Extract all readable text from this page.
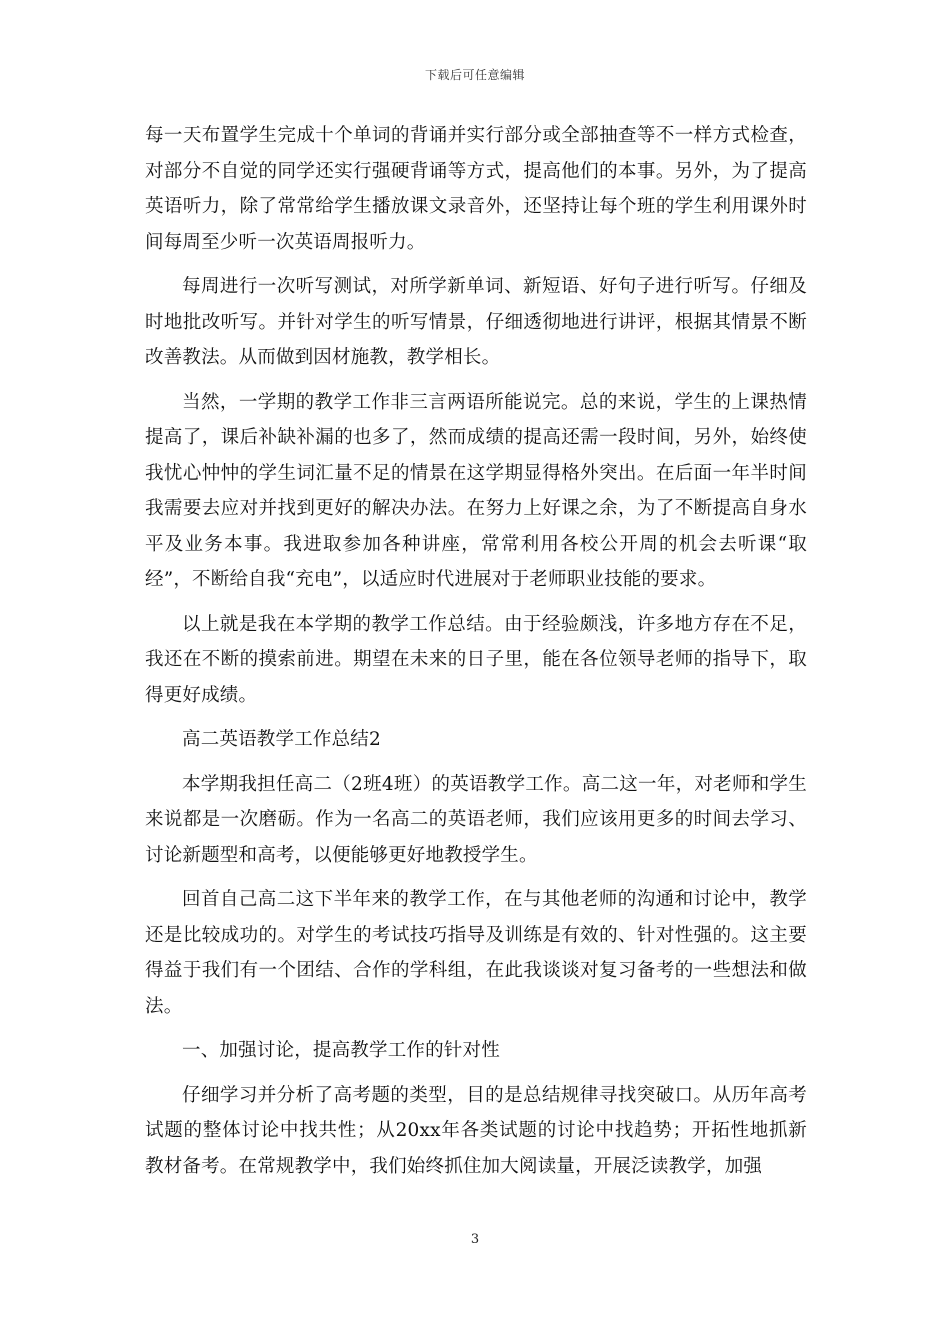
下载后可任意编辑

每一天布置学生完成十个单词的背诵并实行部分或全部抽查等不一样方式检查，对部分不自觉的同学还实行强硬背诵等方式，提高他们的本事。另外，为了提高英语听力，除了常常给学生播放课文录音外，还坚持让每个班的学生利用课外时间每周至少听一次英语周报听力。

每周进行一次听写测试，对所学新单词、新短语、好句子进行听写。仔细及时地批改听写。并针对学生的听写情景，仔细透彻地进行讲评，根据其情景不断改善教法。从而做到因材施教，教学相长。

当然，一学期的教学工作非三言两语所能说完。总的来说，学生的上课热情提高了，课后补缺补漏的也多了，然而成绩的提高还需一段时间，另外，始终使我忧心忡忡的学生词汇量不足的情景在这学期显得格外突出。在后面一年半时间我需要去应对并找到更好的解决办法。在努力上好课之余，为了不断提高自身水平及业务本事。我进取参加各种讲座，常常利用各校公开周的机会去听课“取经”，不断给自我“充电”，以适应时代进展对于老师职业技能的要求。

以上就是我在本学期的教学工作总结。由于经验颇浅，许多地方存在不足，我还在不断的摸索前进。期望在未来的日子里，能在各位领导老师的指导下，取得更好成绩。

高二英语教学工作总结2

本学期我担任高二（2班4班）的英语教学工作。高二这一年，对老师和学生来说都是一次磨砺。作为一名高二的英语老师，我们应该用更多的时间去学习、讨论新题型和高考，以便能够更好地教授学生。

回首自己高二这下半年来的教学工作，在与其他老师的沟通和讨论中，教学还是比较成功的。对学生的考试技巧指导及训练是有效的、针对性强的。这主要得益于我们有一个团结、合作的学科组，在此我谈谈对复习备考的一些想法和做法。

一、加强讨论，提高教学工作的针对性

仔细学习并分析了高考题的类型，目的是总结规律寻找突破口。从历年高考试题的整体讨论中找共性；从20xx年各类试题的讨论中找趋势；开拓性地抓新教材备考。在常规教学中，我们始终抓住加大阅读量，开展泛读教学，加强

3
